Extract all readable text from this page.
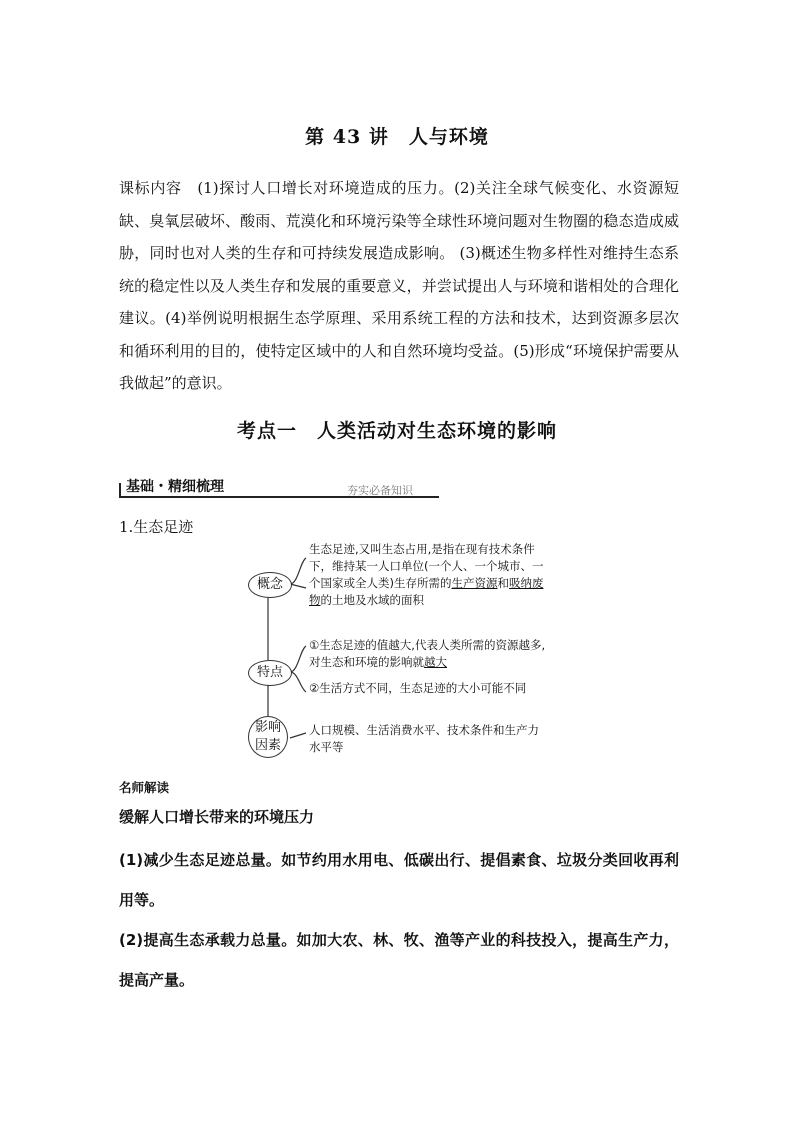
第 43 讲　人与环境
课标内容　(1)探讨人口增长对环境造成的压力。(2)关注全球气候变化、水资源短缺、臭氧层破坏、酸雨、荒漠化和环境污染等全球性环境问题对生物圈的稳态造成威胁，同时也对人类的生存和可持续发展造成影响。 (3)概述生物多样性对维持生态系统的稳定性以及人类生存和发展的重要意义，并尝试提出人与环境和谐相处的合理化建议。(4)举例说明根据生态学原理、采用系统工程的方法和技术，达到资源多层次和循环利用的目的，使特定区域中的人和自然环境均受益。(5)形成“环境保护需要从我做起”的意识。
考点一　人类活动对生态环境的影响
基础・精细梳理	夯实必备知识
1.生态足迹
概念
特点
影响
因素
生态足迹,又叫生态占用,是指在现有技术条件下，维持某一人口单位(一个人、一个城市、一个国家或全人类)生存所需的生产资源和吸纳废物的土地及水域的面积
①生态足迹的值越大,代表人类所需的资源越多,对生态和环境的影响就越大
②生活方式不同，生态足迹的大小可能不同
人口规模、生活消费水平、技术条件和生产力水平等
名师解读
缓解人口增长带来的环境压力
(1)减少生态足迹总量。如节约用水用电、低碳出行、提倡素食、垃圾分类回收再利用等。
(2)提高生态承载力总量。如加大农、林、牧、渔等产业的科技投入，提高生产力，提高产量。
